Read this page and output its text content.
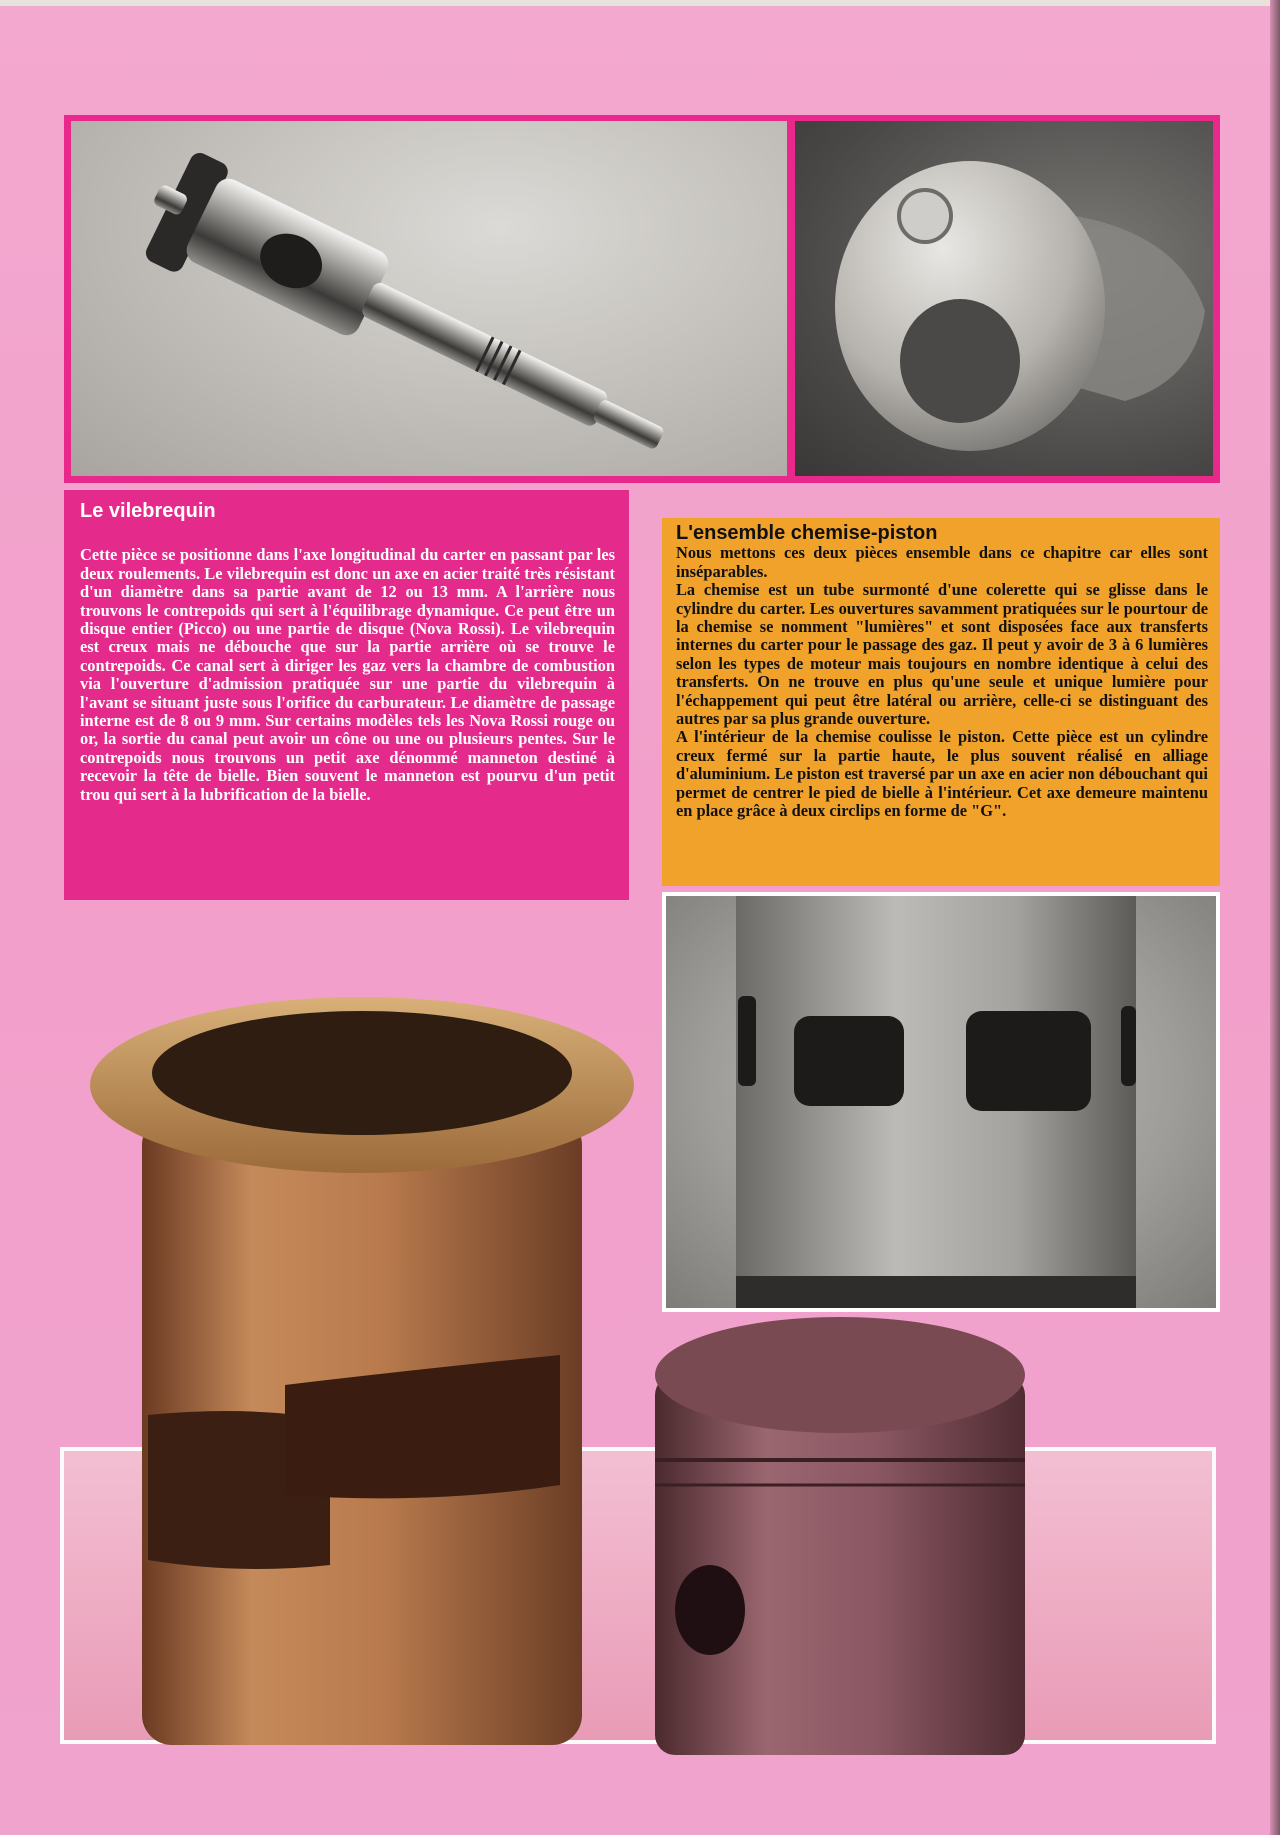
Le vilebrequin

Cette pièce se positionne dans l'axe longitudinal du carter en passant par les deux roulements. Le vilebrequin est donc un axe en acier traité très résistant d'un diamètre dans sa partie avant de 12 ou 13 mm. A l'arrière nous trouvons le contrepoids qui sert à l'équilibrage dynamique. Ce peut être un disque entier (Picco) ou une partie de disque (Nova Rossi). Le vilebrequin est creux mais ne débouche que sur la partie arrière où se trouve le contrepoids. Ce canal sert à diriger les gaz vers la chambre de combustion via l'ouverture d'admission pratiquée sur une partie du vilebrequin à l'avant se situant juste sous l'orifice du carburateur. Le diamètre de passage interne est de 8 ou 9 mm. Sur certains modèles tels les Nova Rossi rouge ou or, la sortie du canal peut avoir un cône ou une ou plusieurs pentes. Sur le contrepoids nous trouvons un petit axe dénommé manneton destiné à recevoir la tête de bielle. Bien souvent le manneton est pourvu d'un petit trou qui sert à la lubrification de la bielle.

L'ensemble chemise-piston

Nous mettons ces deux pièces ensemble dans ce chapitre car elles sont inséparables.
La chemise est un tube surmonté d'une colerette qui se glisse dans le cylindre du carter. Les ouvertures savamment pratiquées sur le pourtour de la chemise se nomment "lumières" et sont disposées face aux transferts internes du carter pour le passage des gaz. Il peut y avoir de 3 à 6 lumières selon les types de moteur mais toujours en nombre identique à celui des transferts. On ne trouve en plus qu'une seule et unique lumière pour l'échappement qui peut être latéral ou arrière, celle-ci se distinguant des autres par sa plus grande ouverture.
A l'intérieur de la chemise coulisse le piston. Cette pièce est un cylindre creux fermé sur la partie haute, le plus souvent réalisé en alliage d'aluminium. Le piston est traversé par un axe en acier non débouchant qui permet de centrer le pied de bielle à l'intérieur. Cet axe demeure maintenu en place grâce à deux circlips en forme de "G".
